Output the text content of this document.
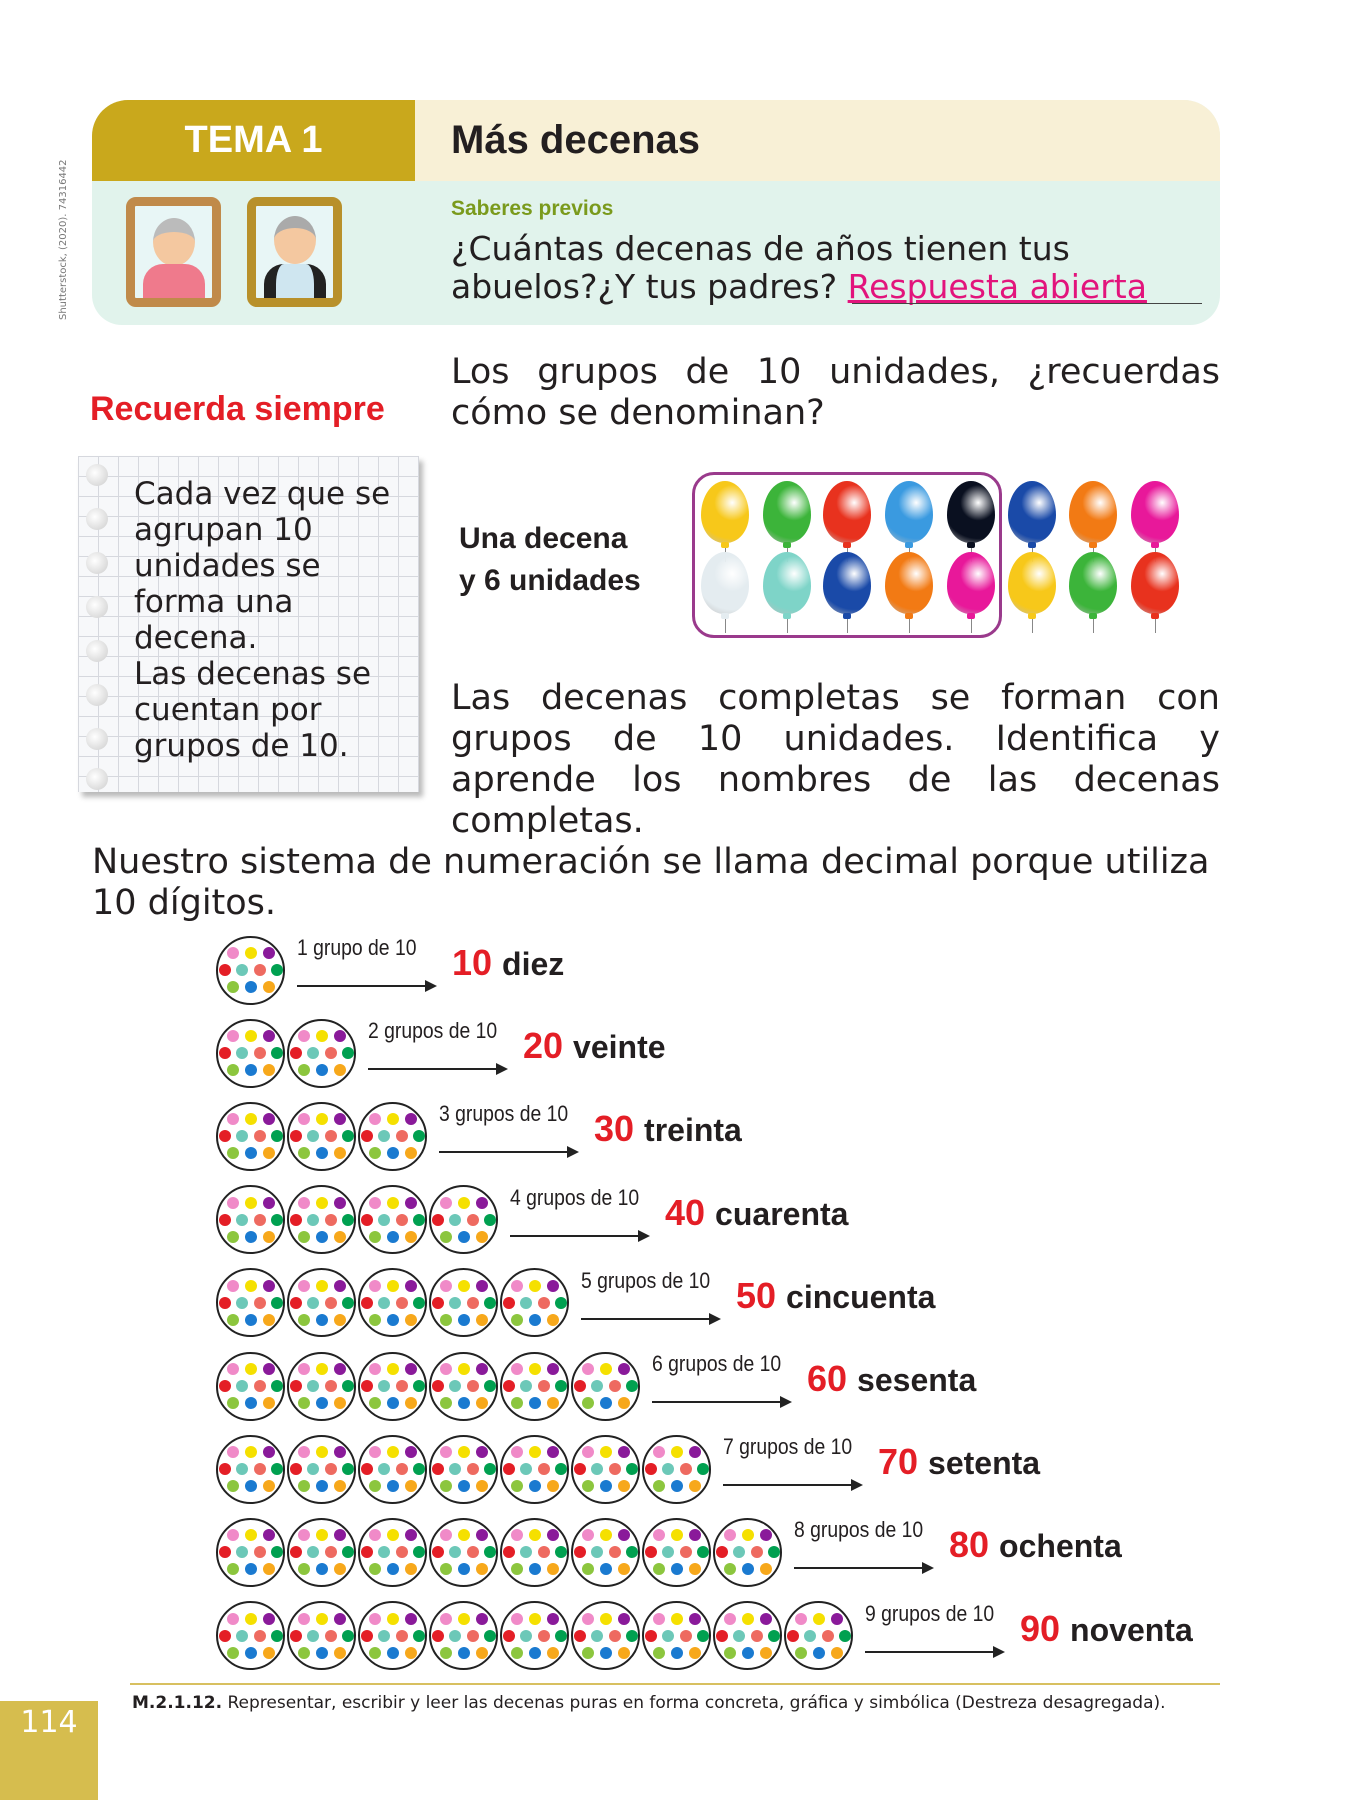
TEMA 1	Más decenas
Shutterstock, (2020). 74316442	Saberes previos
¿Cuántas decenas de años tienen tus abuelos?¿Y tus padres? Respuesta abierta
Recuerda siempre
Cada vez que se
agrupan 10
unidades se
forma una
decena.
Las decenas se
cuentan por
grupos de 10.
Los grupos de 10 unidades, ¿recuerdas
cómo se denominan?
Una decena
y 6 unidades
Las decenas completas se forman con grupos de 10 unidades. Identifica y aprende los nombres de las decenas completas.
Nuestro sistema de numeración se llama decimal porque utiliza 10 dígitos.
1 grupo de 10 10 diez
2 grupos de 10 20 veinte
3 grupos de 10 30 treinta
4 grupos de 10 40 cuarenta
5 grupos de 10 50 cincuenta
6 grupos de 10 60 sesenta
7 grupos de 10 70 setenta
8 grupos de 10 80 ochenta
9 grupos de 10 90 noventa
M.2.1.12. Representar, escribir y leer las decenas puras en forma concreta, gráfica y simbólica (Destreza desagregada).
114
